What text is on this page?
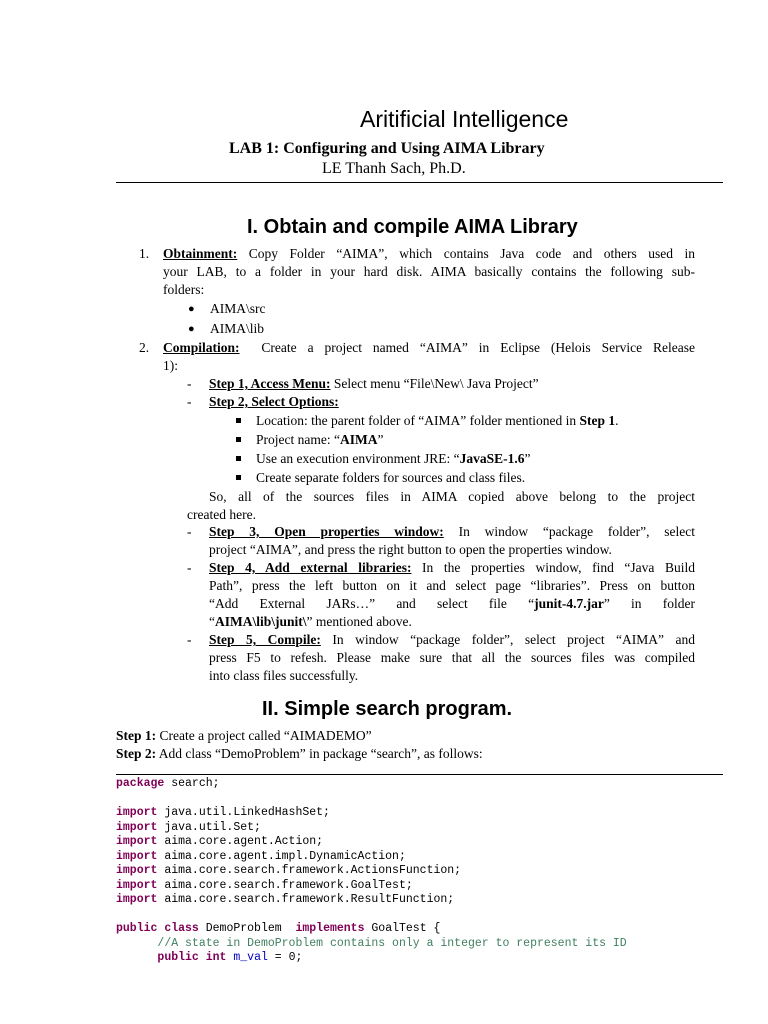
Aritificial Intelligence
LAB 1: Configuring and Using AIMA Library
LE Thanh Sach, Ph.D.
I. Obtain and compile AIMA Library
1.	Obtainment: Copy Folder “AIMA”, which contains Java code and others used in
your LAB, to a folder in your hard disk. AIMA basically contains the following sub-
folders:
● AIMA\src
● AIMA\lib
2.	Compilation: Create a project named “AIMA” in Eclipse (Helois Service Release
1):
- Step 1, Access Menu: Select menu “File\New\ Java Project”
- Step 2, Select Options:
Location: the parent folder of “AIMA” folder mentioned in Step 1.
Project name: “AIMA”
Use an execution environment JRE: “JavaSE-1.6”
Create separate folders for sources and class files.
So, all of the sources files in AIMA copied above belong to the project
created here.
- Step 3, Open properties window: In window “package folder”, select
project “AIMA”, and press the right button to open the properties window.
- Step 4, Add external libraries: In the properties window, find “Java Build
Path”, press the left button on it and select page “libraries”. Press on button
“Add External JARs…” and select file “junit-4.7.jar” in folder
“AIMA\lib\junit\” mentioned above.
- Step 5, Compile: In window “package folder”, select project “AIMA” and
press F5 to refesh. Please make sure that all the sources files was compiled
into class files successfully.
II. Simple search program.
Step 1: Create a project called “AIMADEMO”
Step 2: Add class “DemoProblem” in package “search”, as follows:
package search;

import java.util.LinkedHashSet;
import java.util.Set;
import aima.core.agent.Action;
import aima.core.agent.impl.DynamicAction;
import aima.core.search.framework.ActionsFunction;
import aima.core.search.framework.GoalTest;
import aima.core.search.framework.ResultFunction;

public class DemoProblem  implements GoalTest {
//A state in DemoProblem contains only a integer to represent its ID
public int m_val = 0;
